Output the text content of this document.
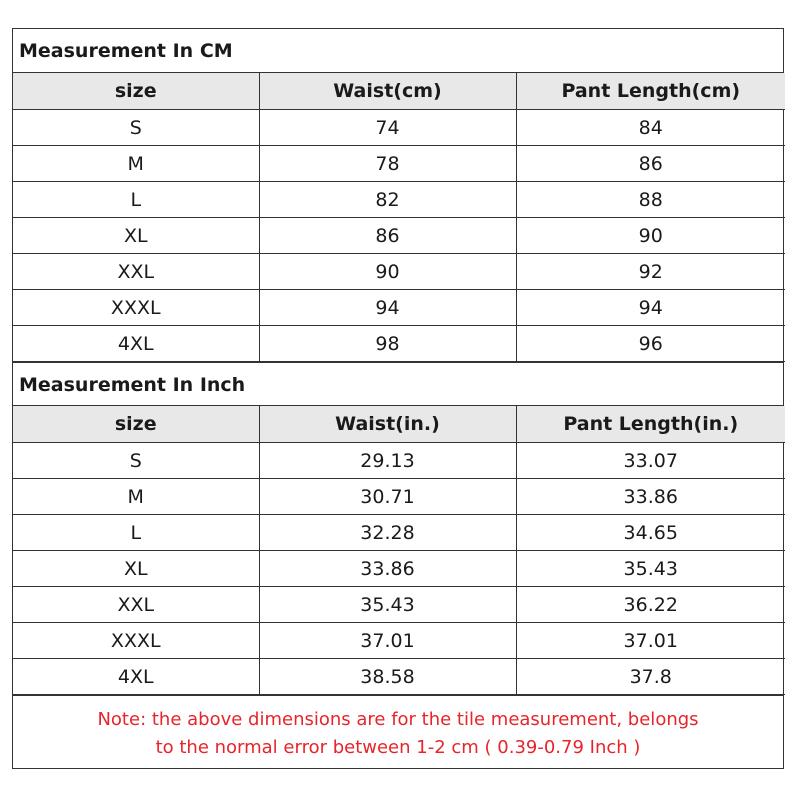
Measurement In CM
size	Waist(cm)	Pant Length(cm)
S	74	84
M	78	86
L	82	88
XL	86	90
XXL	90	92
XXXL	94	94
4XL	98	96
Measurement In Inch
size	Waist(in.)	Pant Length(in.)
S	29.13	33.07
M	30.71	33.86
L	32.28	34.65
XL	33.86	35.43
XXL	35.43	36.22
XXXL	37.01	37.01
4XL	38.58	37.8
Note: the above dimensions are for the tile measurement, belongs
to the normal error between 1-2 cm ( 0.39-0.79 Inch )
